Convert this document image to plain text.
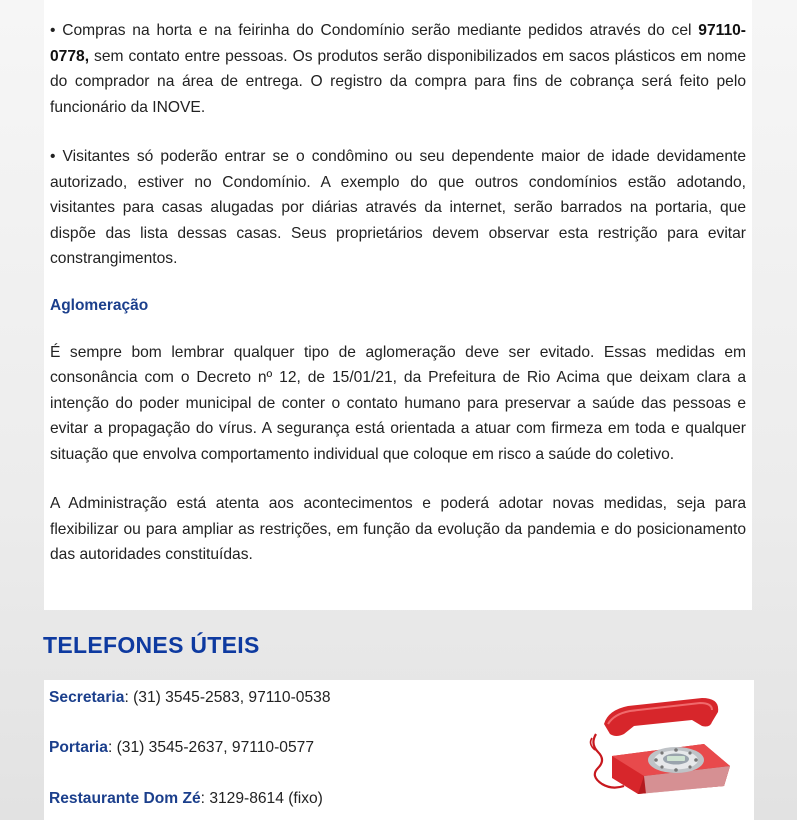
• Compras na horta e na feirinha do Condomínio serão mediante pedidos através do cel 97110-0778, sem contato entre pessoas. Os produtos serão disponibilizados em sacos plásticos em nome do comprador na área de entrega. O registro da compra para fins de cobrança será feito pelo funcionário da INOVE.

• Visitantes só poderão entrar se o condômino ou seu dependente maior de idade devidamente autorizado, estiver no Condomínio. A exemplo do que outros condomínios estão adotando, visitantes para casas alugadas por diárias através da internet, serão barrados na portaria, que dispõe das lista dessas casas. Seus proprietários devem observar esta restrição para evitar constrangimentos.

Aglomeração

É sempre bom lembrar qualquer tipo de aglomeração deve ser evitado. Essas medidas em consonância com o Decreto nº 12, de 15/01/21, da Prefeitura de Rio Acima que deixam clara a intenção do poder municipal de conter o contato humano para preservar a saúde das pessoas e evitar a propagação do vírus. A segurança está orientada a atuar com firmeza em toda e qualquer situação que envolva comportamento individual que coloque em risco a saúde do coletivo.

A Administração está atenta aos acontecimentos e poderá adotar novas medidas, seja para flexibilizar ou para ampliar as restrições, em função da evolução da pandemia e do posicionamento das autoridades constituídas.

TELEFONES ÚTEIS
Secretaria: (31) 3545-2583, 97110-0538
Portaria: (31) 3545-2637, 97110-0577
Restaurante Dom Zé: 3129-8614 (fixo)
